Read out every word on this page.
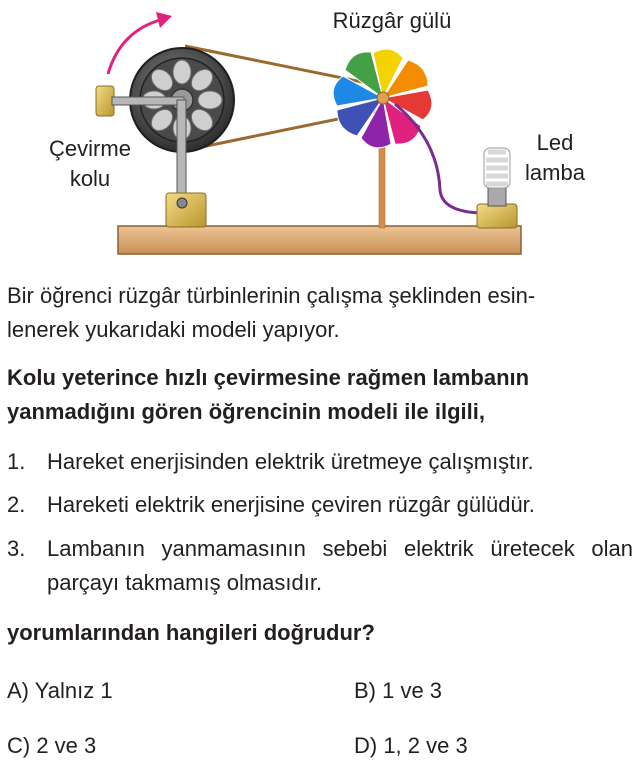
Rüzgâr gülü
Çevirme
kolu
Led
lamba
Bir öğrenci rüzgâr türbinlerinin çalışma şeklinden esin-
lenerek yukarıdaki modeli yapıyor.
Kolu yeterince hızlı çevirmesine rağmen lambanın
yanmadığını gören öğrencinin modeli ile ilgili,
1. Hareket enerjisinden elektrik üretmeye çalışmıştır.
2. Hareketi elektrik enerjisine çeviren rüzgâr gülüdür.
3. Lambanın yanmamasının sebebi elektrik üretecek olan parçayı takmamış olmasıdır.
yorumlarından hangileri doğrudur?
A) Yalnız 1	B) 1 ve 3
C) 2 ve 3	D) 1, 2 ve 3
